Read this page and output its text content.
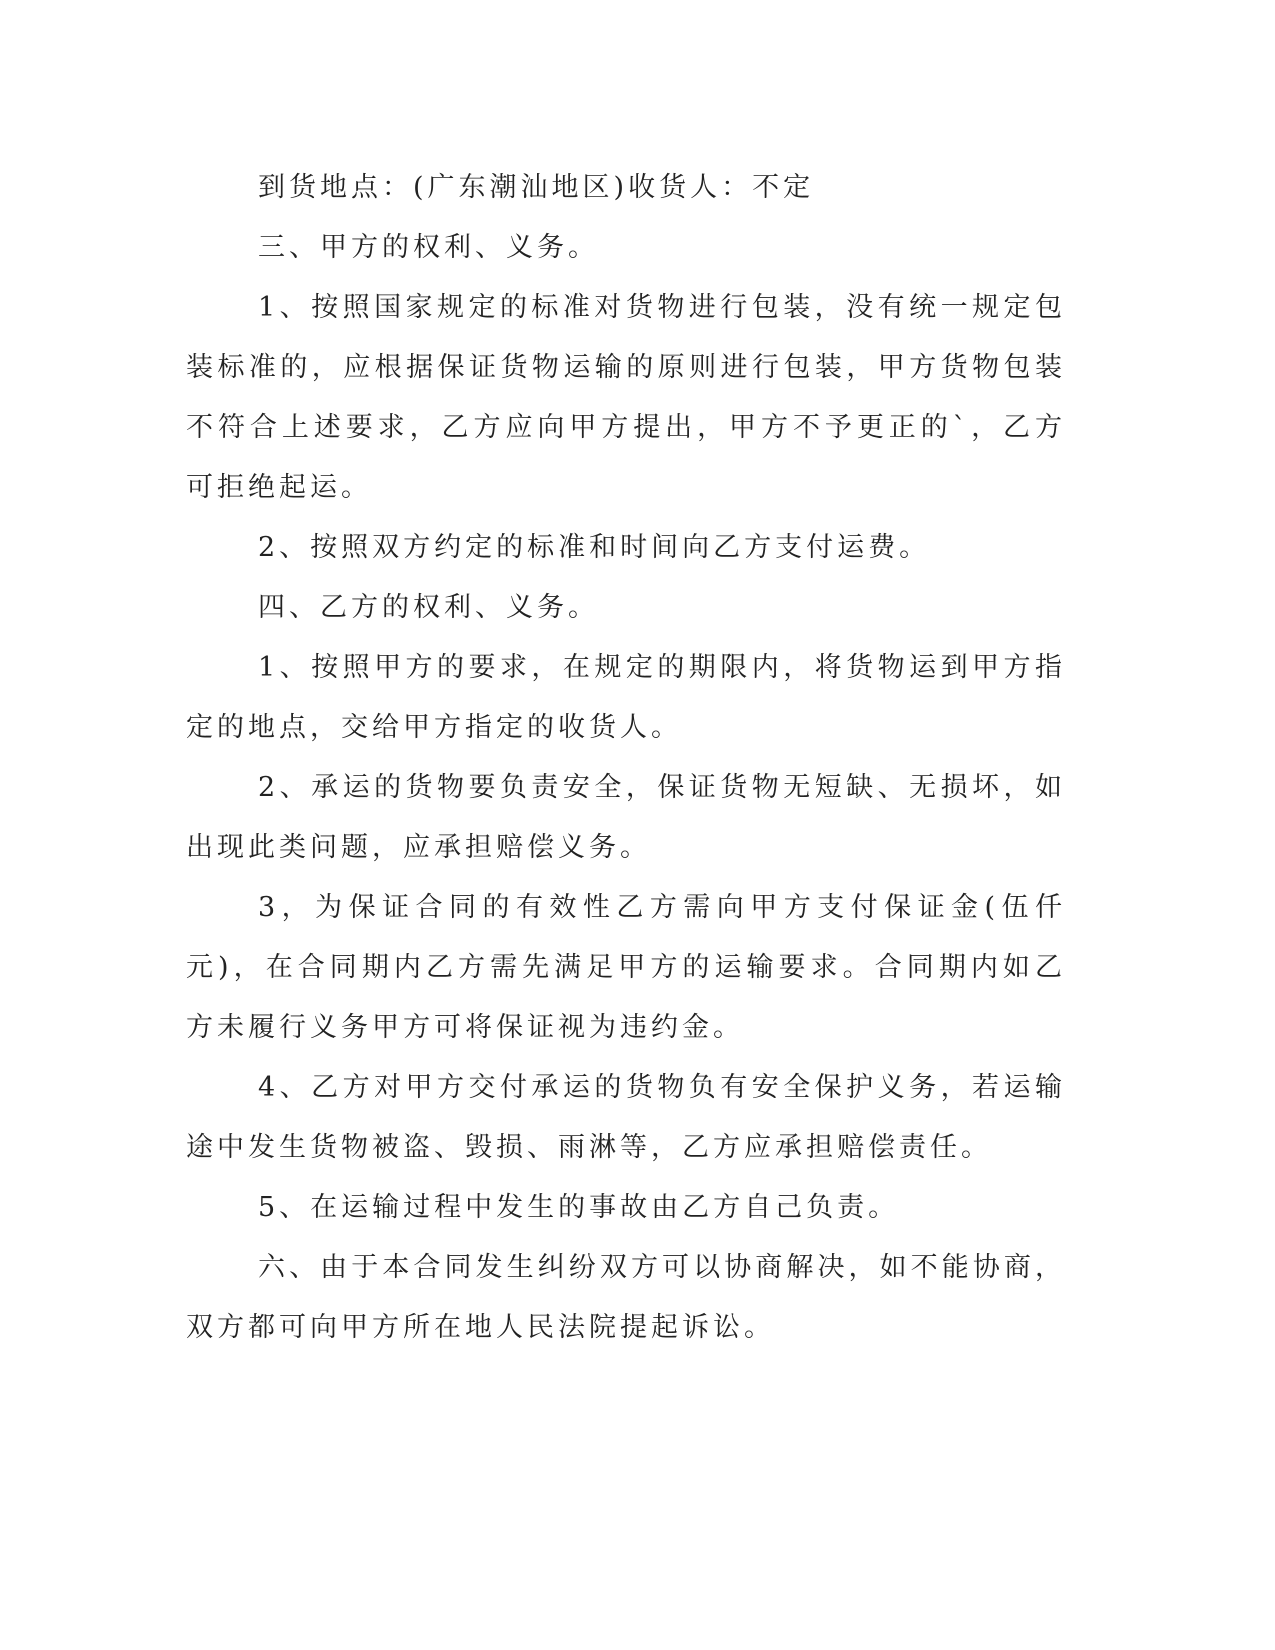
到货地点：(广东潮汕地区)收货人：不定

三、甲方的权利、义务。

1、按照国家规定的标准对货物进行包装，没有统一规定包装标准的，应根据保证货物运输的原则进行包装，甲方货物包装不符合上述要求，乙方应向甲方提出，甲方不予更正的`，乙方可拒绝起运。

2、按照双方约定的标准和时间向乙方支付运费。

四、乙方的权利、义务。

1、按照甲方的要求，在规定的期限内，将货物运到甲方指定的地点，交给甲方指定的收货人。

2、承运的货物要负责安全，保证货物无短缺、无损坏，如出现此类问题，应承担赔偿义务。

3，为保证合同的有效性乙方需向甲方支付保证金(伍仟元)，在合同期内乙方需先满足甲方的运输要求。合同期内如乙方未履行义务甲方可将保证视为违约金。

4、乙方对甲方交付承运的货物负有安全保护义务，若运输途中发生货物被盗、毁损、雨淋等，乙方应承担赔偿责任。

5、在运输过程中发生的事故由乙方自己负责。

六、由于本合同发生纠纷双方可以协商解决，如不能协商，双方都可向甲方所在地人民法院提起诉讼。
